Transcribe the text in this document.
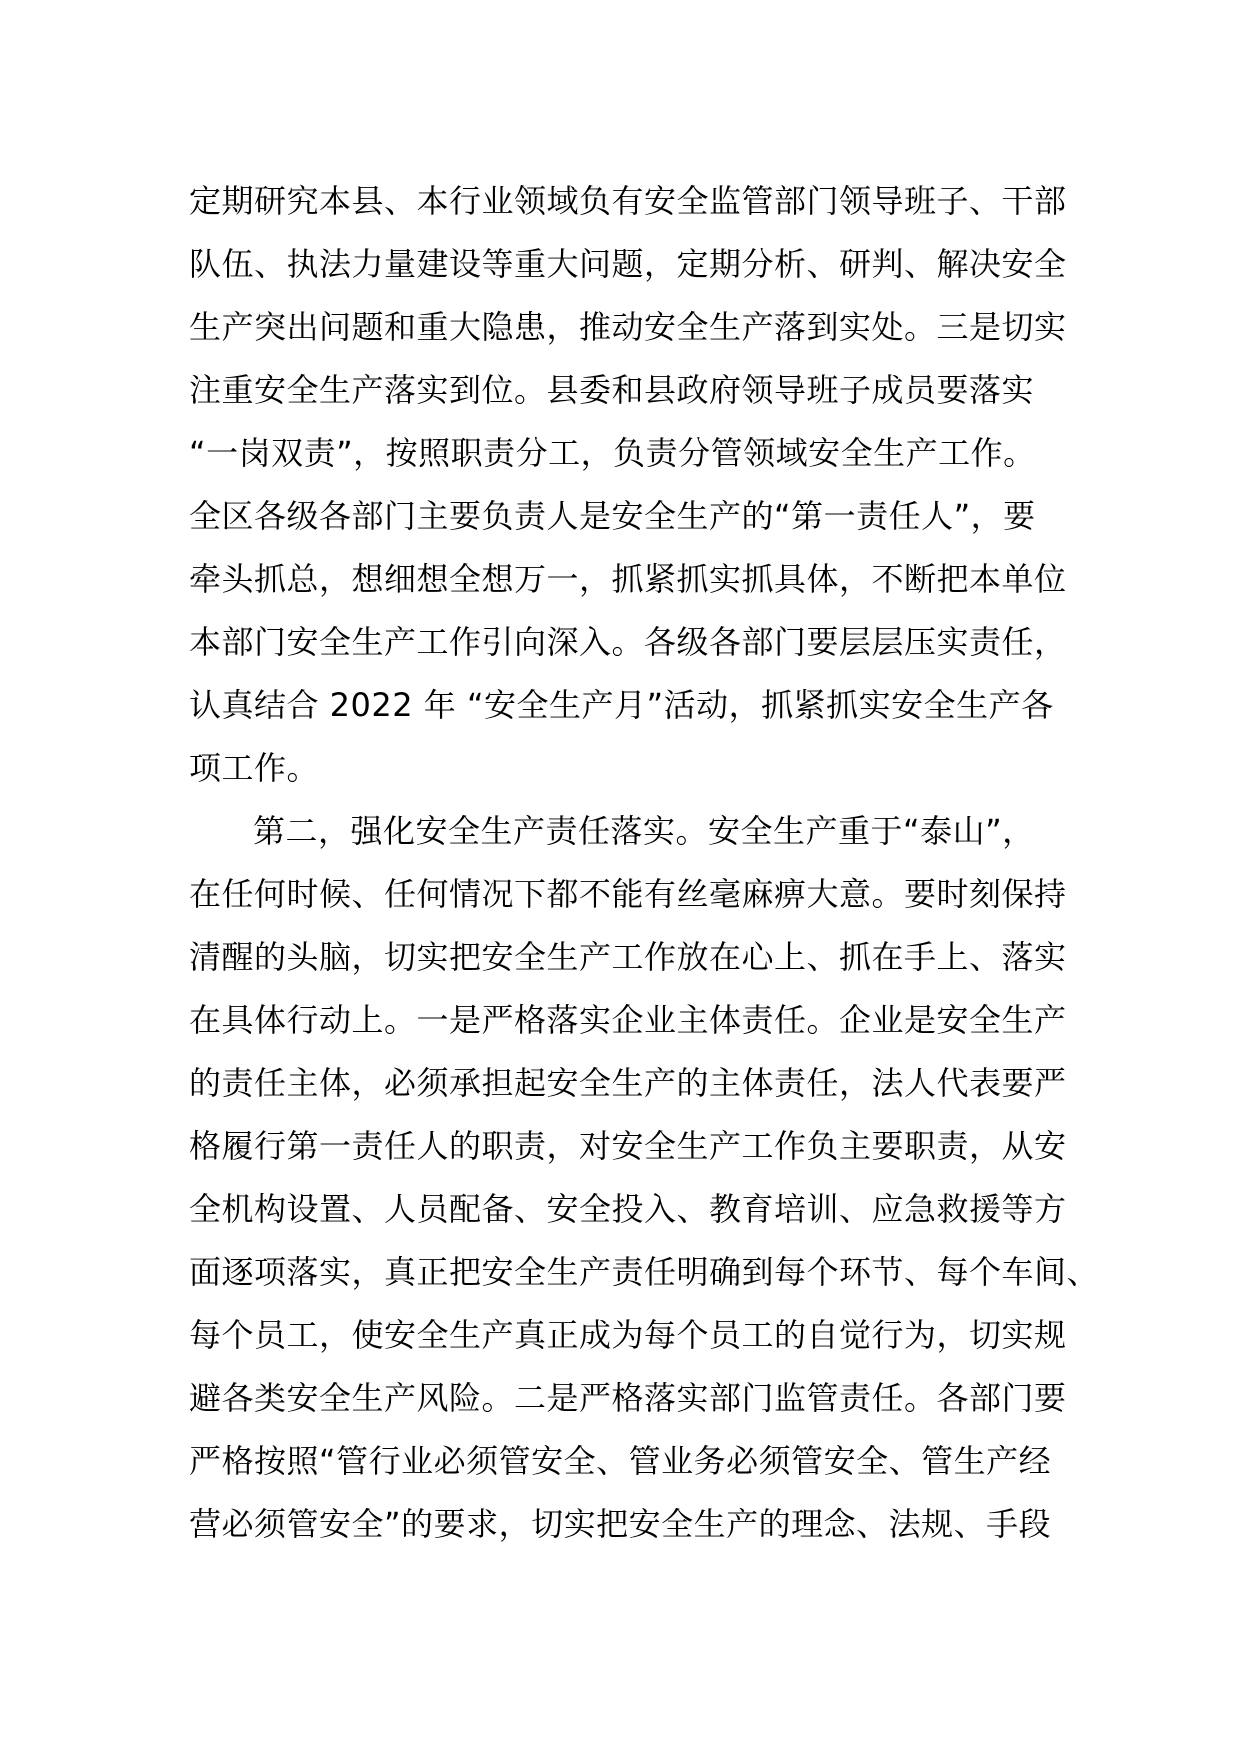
定期研究本县、本行业领域负有安全监管部门领导班子、干部
队伍、执法力量建设等重大问题，定期分析、研判、解决安全
生产突出问题和重大隐患，推动安全生产落到实处。三是切实
注重安全生产落实到位。县委和县政府领导班子成员要落实
“一岗双责”，按照职责分工，负责分管领域安全生产工作。
全区各级各部门主要负责人是安全生产的“第一责任人”，要
牵头抓总，想细想全想万一，抓紧抓实抓具体，不断把本单位
本部门安全生产工作引向深入。各级各部门要层层压实责任，
认真结合 2022 年 “安全生产月”活动，抓紧抓实安全生产各
项工作。
第二，强化安全生产责任落实。安全生产重于“泰山”，
在任何时候、任何情况下都不能有丝毫麻痹大意。要时刻保持
清醒的头脑，切实把安全生产工作放在心上、抓在手上、落实
在具体行动上。一是严格落实企业主体责任。企业是安全生产
的责任主体，必须承担起安全生产的主体责任，法人代表要严
格履行第一责任人的职责，对安全生产工作负主要职责，从安
全机构设置、人员配备、安全投入、教育培训、应急救援等方
面逐项落实，真正把安全生产责任明确到每个环节、每个车间、
每个员工，使安全生产真正成为每个员工的自觉行为，切实规
避各类安全生产风险。二是严格落实部门监管责任。各部门要
严格按照“管行业必须管安全、管业务必须管安全、管生产经
营必须管安全”的要求，切实把安全生产的理念、法规、手段
